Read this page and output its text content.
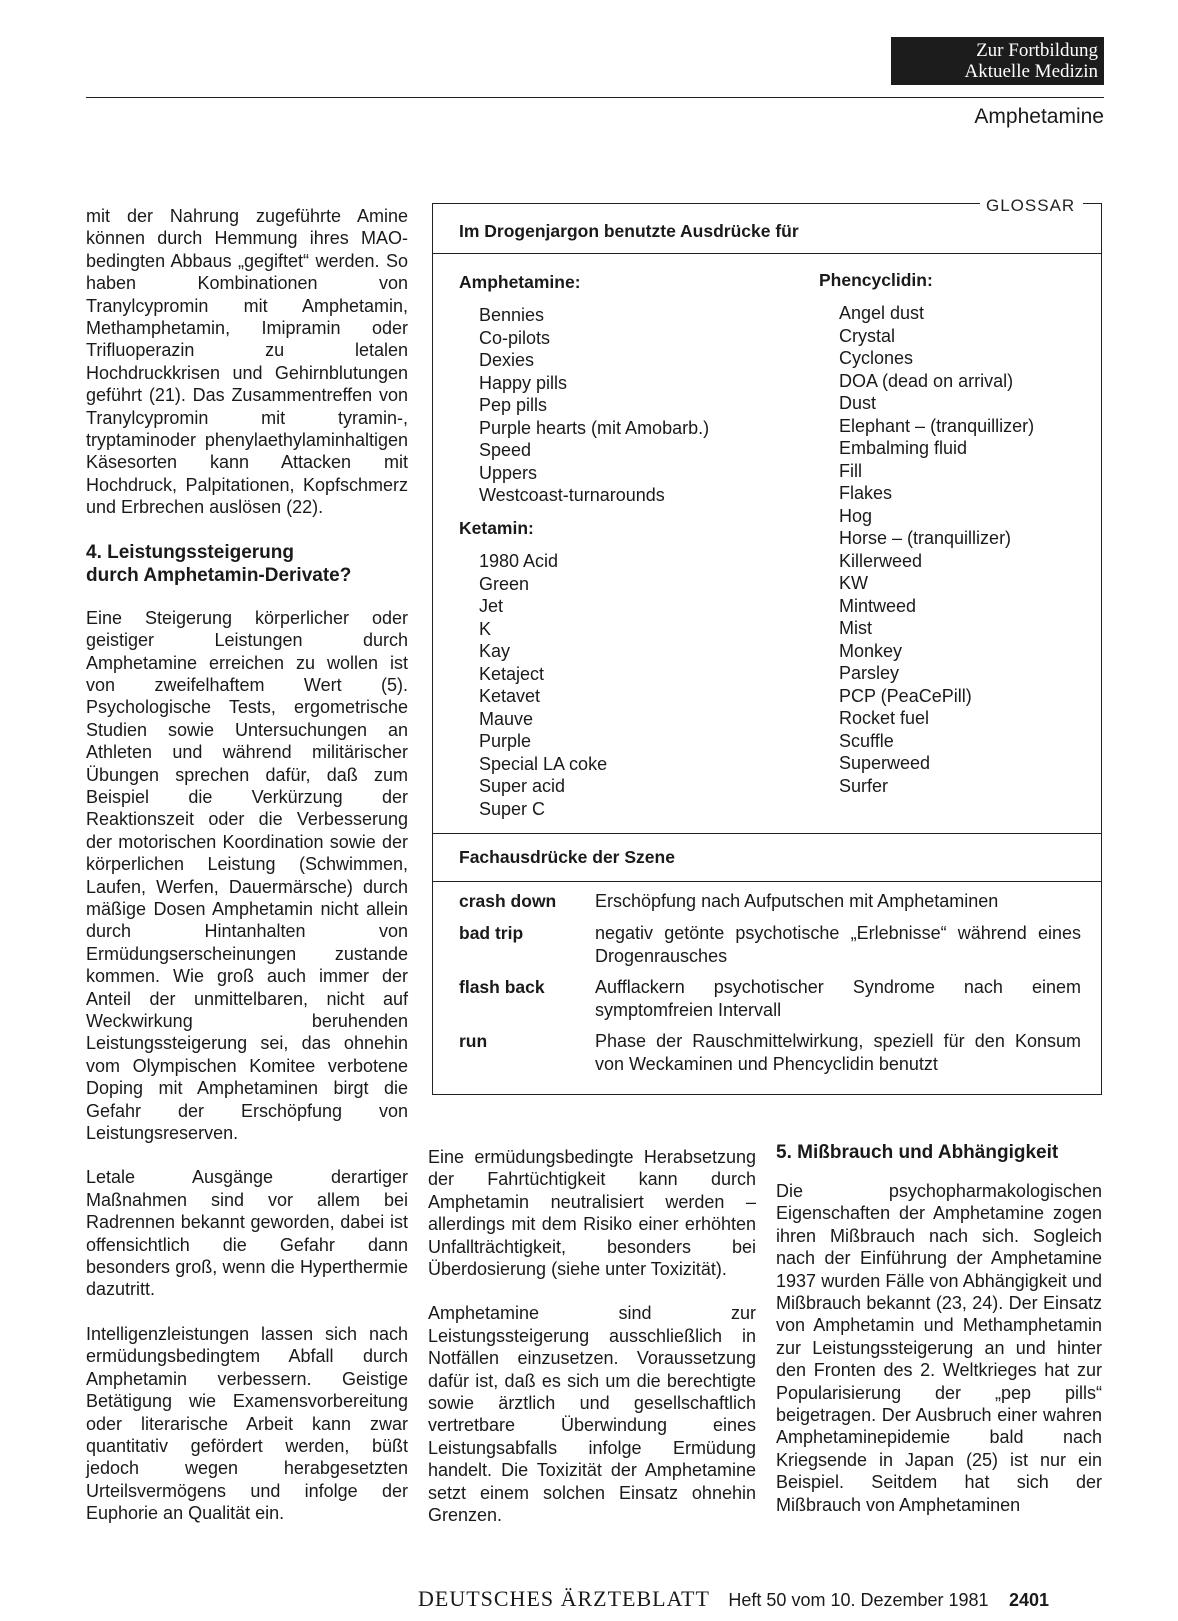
Zur Fortbildung
Aktuelle Medizin
Amphetamine

mit der Nahrung zugeführte Amine können durch Hemmung ihres MAO-bedingten Abbaus „gegiftet“ werden. So haben Kombinationen von Tranylcypromin mit Amphetamin, Methamphetamin, Imipramin oder Trifluoperazin zu letalen Hochdruckkrisen und Gehirnblutungen geführt (21). Das Zusammentreffen von Tranylcypromin mit tyramin-, tryptaminoder phenylaethylaminhaltigen Käsesorten kann Attacken mit Hochdruck, Palpitationen, Kopfschmerz und Erbrechen auslösen (22).

4. Leistungssteigerung
durch Amphetamin-Derivate?

Eine Steigerung körperlicher oder geistiger Leistungen durch Amphetamine erreichen zu wollen ist von zweifelhaftem Wert (5). Psychologische Tests, ergometrische Studien sowie Untersuchungen an Athleten und während militärischer Übungen sprechen dafür, daß zum Beispiel die Verkürzung der Reaktionszeit oder die Verbesserung der motorischen Koordination sowie der körperlichen Leistung (Schwimmen, Laufen, Werfen, Dauermärsche) durch mäßige Dosen Amphetamin nicht allein durch Hintanhalten von Ermüdungserscheinungen zustande kommen. Wie groß auch immer der Anteil der unmittelbaren, nicht auf Weckwirkung beruhenden Leistungssteigerung sei, das ohnehin vom Olympischen Komitee verbotene Doping mit Amphetaminen birgt die Gefahr der Erschöpfung von Leistungsreserven.

Letale Ausgänge derartiger Maßnahmen sind vor allem bei Radrennen bekannt geworden, dabei ist offensichtlich die Gefahr dann besonders groß, wenn die Hyperthermie dazutritt.

Intelligenzleistungen lassen sich nach ermüdungsbedingtem Abfall durch Amphetamin verbessern. Geistige Betätigung wie Examensvorbereitung oder literarische Arbeit kann zwar quantitativ gefördert werden, büßt jedoch wegen herabgesetzten Urteilsvermögens und infolge der Euphorie an Qualität ein.

Im Drogenjargon benutzte Ausdrücke für
Amphetamine:
Bennies
Co-pilots
Dexies
Happy pills
Pep pills
Purple hearts (mit Amobarb.)
Speed
Uppers
Westcoast-turnarounds
Ketamin:
1980 Acid
Green
Jet
K
Kay
Ketaject
Ketavet
Mauve
Purple
Special LA coke
Super acid
Super C
Phencyclidin:
Angel dust
Crystal
Cyclones
DOA (dead on arrival)
Dust
Elephant – (tranquillizer)
Embalming fluid
Fill
Flakes
Hog
Horse – (tranquillizer)
Killerweed
KW
Mintweed
Mist
Monkey
Parsley
PCP (PeaCePill)
Rocket fuel
Scuffle
Superweed
Surfer
Fachausdrücke der Szene
crash down	Erschöpfung nach Aufputschen mit Amphetaminen
bad trip	negativ getönte psychotische „Erlebnisse“ während eines Drogenrausches
flash back	Aufflackern psychotischer Syndrome nach einem symptomfreien Intervall
run	Phase der Rauschmittelwirkung, speziell für den Konsum von Weckaminen und Phencyclidin benutzt
GLOSSAR

Eine ermüdungsbedingte Herabsetzung der Fahrtüchtigkeit kann durch Amphetamin neutralisiert werden – allerdings mit dem Risiko einer erhöhten Unfallträchtigkeit, besonders bei Überdosierung (siehe unter Toxizität).

Amphetamine sind zur Leistungssteigerung ausschließlich in Notfällen einzusetzen. Voraussetzung dafür ist, daß es sich um die berechtigte sowie ärztlich und gesellschaftlich vertretbare Überwindung eines Leistungsabfalls infolge Ermüdung handelt. Die Toxizität der Amphetamine setzt einem solchen Einsatz ohnehin Grenzen.

5. Mißbrauch und Abhängigkeit

Die psychopharmakologischen Eigenschaften der Amphetamine zogen ihren Mißbrauch nach sich. Sogleich nach der Einführung der Amphetamine 1937 wurden Fälle von Abhängigkeit und Mißbrauch bekannt (23, 24). Der Einsatz von Amphetamin und Methamphetamin zur Leistungssteigerung an und hinter den Fronten des 2. Weltkrieges hat zur Popularisierung der „pep pills“ beigetragen. Der Ausbruch einer wahren Amphetaminepidemie bald nach Kriegsende in Japan (25) ist nur ein Beispiel. Seitdem hat sich der Mißbrauch von Amphetaminen

DEUTSCHES ÄRZTEBLATT Heft 50 vom 10. Dezember 1981 2401
